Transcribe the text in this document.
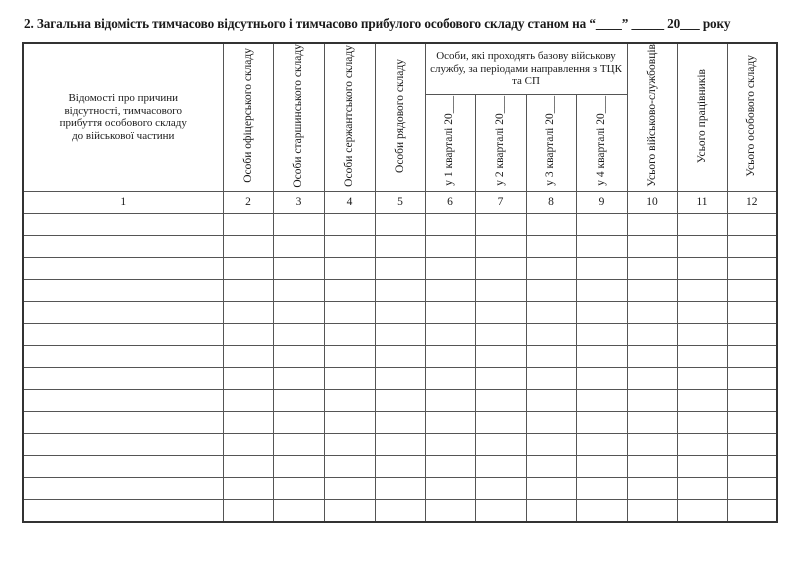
2. Загальна відомість тимчасово відсутнього і тимчасово прибулого особового складу станом на “____” _____ 20___ року
Відомості про причини відсутності, тимчасового прибуття особового складу до військової частини	Особи офіцерського складу	Особи старшинського складу	Особи сержантського складу	Особи рядового складу	Особи, які проходять базову військову службу, за періодами направлення з ТЦК та СП				Усього військово-службовців	Усього працівників	Усього особового складу
					у 1 кварталі 20___	у 2 кварталі 20___	у 3 кварталі 20___	у 4 кварталі 20___			
1	2	3	4	5	6	7	8	9	10	11	12
